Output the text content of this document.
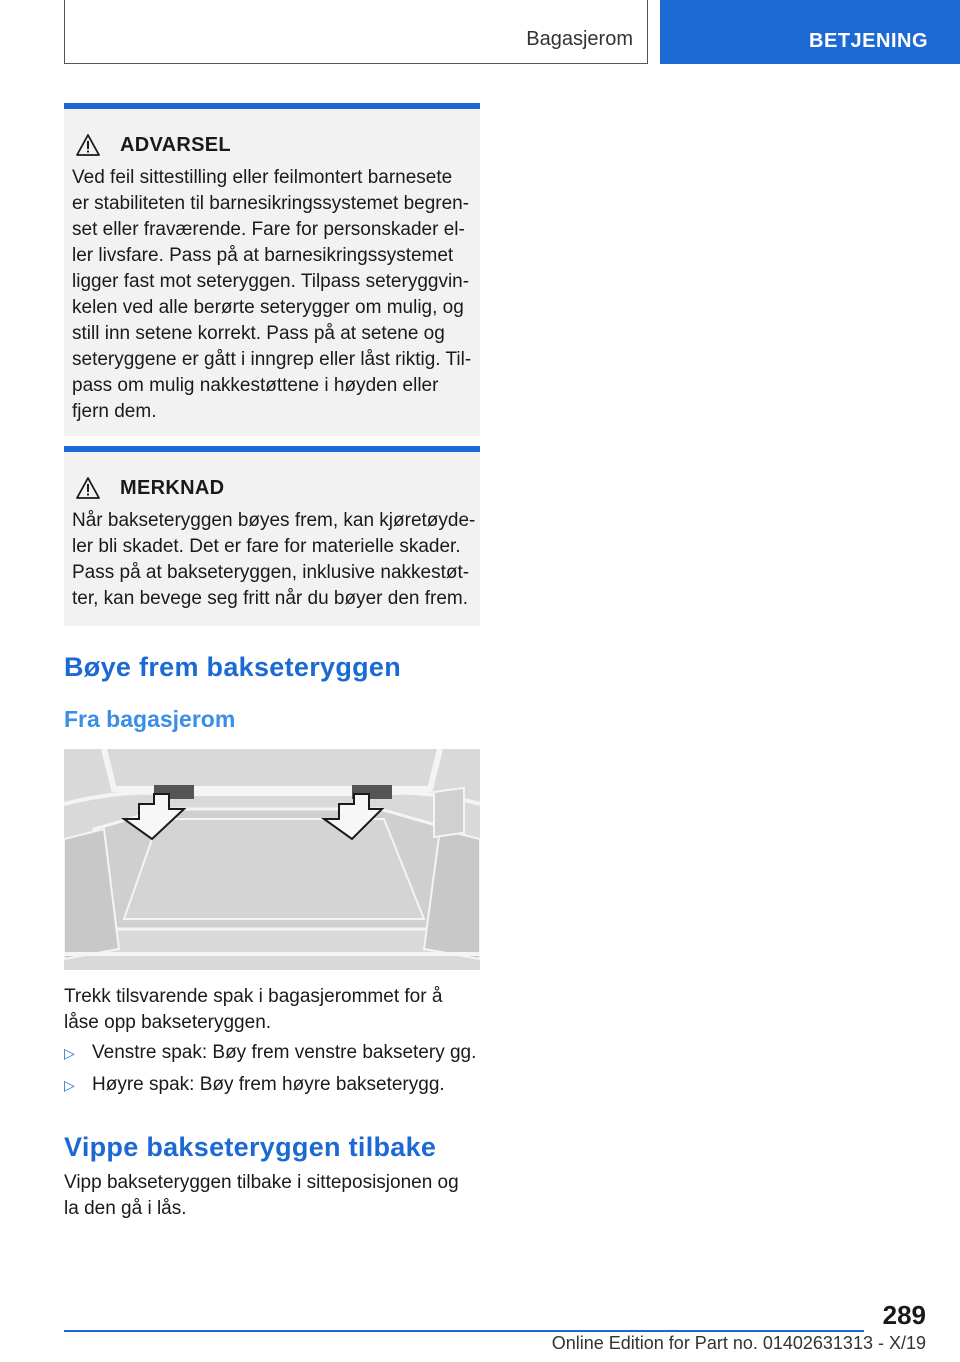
Bagasjerom	BETJENING
ADVARSEL
Ved feil sittestilling eller feilmontert barnesete
er stabiliteten til barnesikringssystemet begren-
set eller fraværende. Fare for personskader el-
ler livsfare. Pass på at barnesikringssystemet
ligger fast mot seteryggen. Tilpass seteryggvin-
kelen ved alle berørte seterygger om mulig, og
still inn setene korrekt. Pass på at setene og
seteryggene er gått i inngrep eller låst riktig. Til-
pass om mulig nakkestøttene i høyden eller
fjern dem.
MERKNAD
Når bakseteryggen bøyes frem, kan kjøretøyde-
ler bli skadet. Det er fare for materielle skader.
Pass på at bakseteryggen, inklusive nakkestøt-
ter, kan bevege seg fritt når du bøyer den frem.
Bøye frem bakseteryggen
Fra bagasjerom
Trekk tilsvarende spak i bagasjerommet for å
låse opp bakseteryggen.
▷ Venstre spak: Bøy frem venstre baksetery gg.
▷ Høyre spak: Bøy frem høyre bakseterygg.
Vippe bakseteryggen tilbake
Vipp bakseteryggen tilbake i sitteposisjonen og
la den gå i lås.
289
Online Edition for Part no. 01402631313 - X/19
